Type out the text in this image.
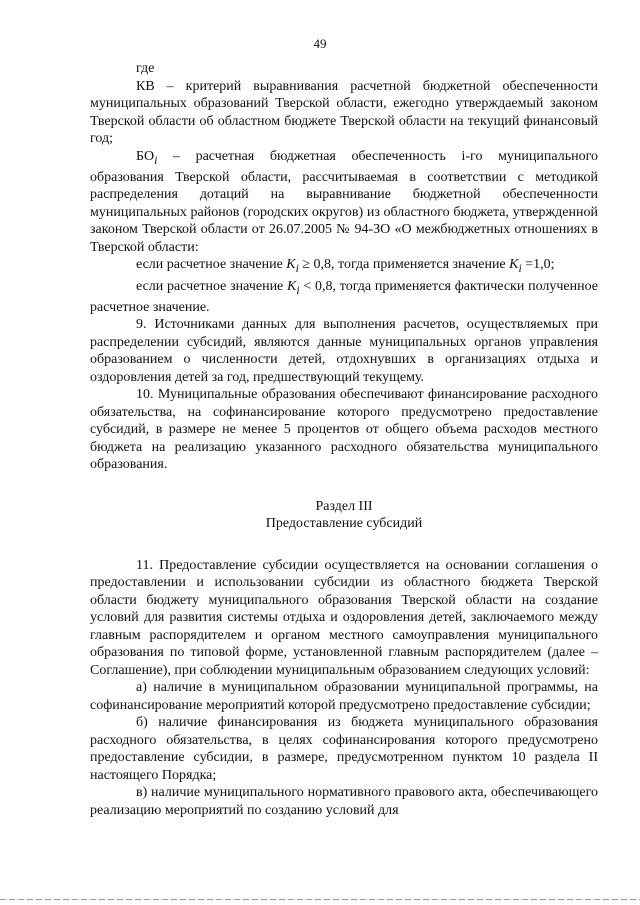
49

где

КВ – критерий выравнивания расчетной бюджетной обеспеченности муниципальных образований Тверской области, ежегодно утверждаемый законом Тверской области об областном бюджете Тверской области на текущий финансовый год;

$БО_i$ – расчетная бюджетная обеспеченность i-го муниципального образования Тверской области, рассчитываемая в соответствии с методикой распределения дотаций на выравнивание бюджетной обеспеченности муниципальных районов (городских округов) из областного бюджета, утвержденной законом Тверской области от 26.07.2005 № 94-ЗО «О межбюджетных отношениях в Тверской области:

если расчетное значение $K_i \ge 0,8$, тогда применяется значение $K_i =1,0$;

если расчетное значение $K_i < 0,8$, тогда применяется фактически полученное расчетное значение.

9. Источниками данных для выполнения расчетов, осуществляемых при распределении субсидий, являются данные муниципальных органов управления образованием о численности детей, отдохнувших в организациях отдыха и оздоровления детей за год, предшествующий текущему.

10. Муниципальные образования обеспечивают финансирование расходного обязательства, на софинансирование которого предусмотрено предоставление субсидий, в размере не менее 5 процентов от общего объема расходов местного бюджета на реализацию указанного расходного обязательства муниципального образования.

Раздел III

Предоставление субсидий

11. Предоставление субсидии осуществляется на основании соглашения о предоставлении и использовании субсидии из областного бюджета Тверской области бюджету муниципального образования Тверской области на создание условий для развития системы отдыха и оздоровления детей, заключаемого между главным распорядителем и органом местного самоуправления муниципального образования по типовой форме, установленной главным распорядителем (далее – Соглашение), при соблюдении муниципальным образованием следующих условий:

а) наличие в муниципальном образовании муниципальной программы, на софинансирование мероприятий которой предусмотрено предоставление субсидии;

б) наличие финансирования из бюджета муниципального образования расходного обязательства, в целях софинансирования которого предусмотрено предоставление субсидии, в размере, предусмотренном пунктом 10 раздела II настоящего Порядка;

в) наличие муниципального нормативного правового акта, обеспечивающего реализацию мероприятий по созданию условий для
